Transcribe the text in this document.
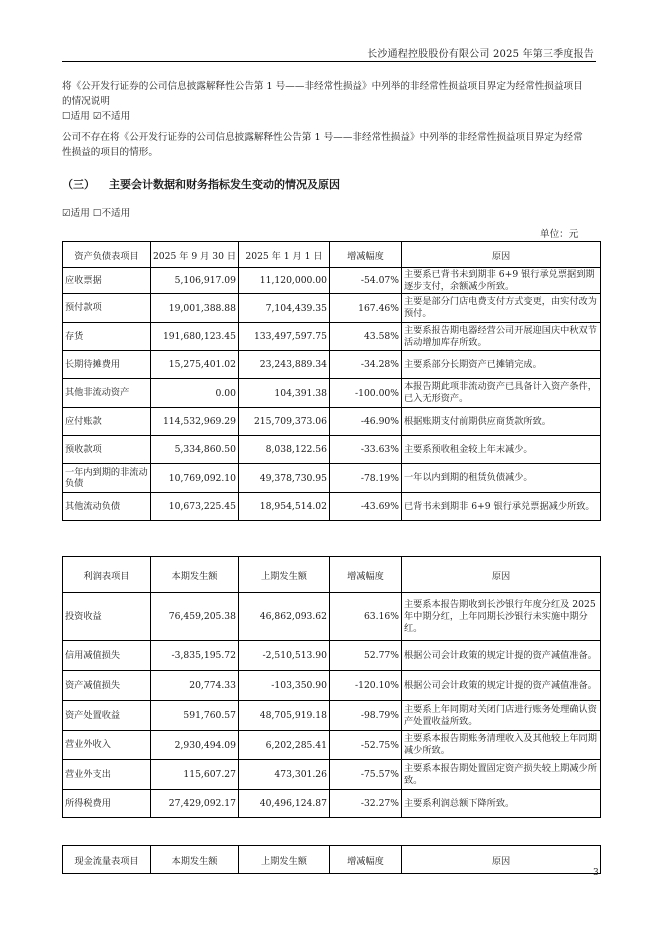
长沙通程控股股份有限公司 2025 年第三季度报告
将《公开发行证券的公司信息披露解释性公告第 1 号——非经常性损益》中列举的非经常性损益项目界定为经常性损益项目的情况说明
☐适用 ☑不适用
公司不存在将《公开发行证券的公司信息披露解释性公告第 1 号——非经常性损益》中列举的非经常性损益项目界定为经常性损益的项目的情形。
（三） 主要会计数据和财务指标发生变动的情况及原因
☑适用 ☐不适用
单位：元
资产负债表项目	2025 年 9 月 30 日	2025 年 1 月 1 日	增减幅度	原因
应收票据	5,106,917.09	11,120,000.00	-54.07%	主要系已背书未到期非 6+9 银行承兑票据到期逐步支付，余额减少所致。
预付款项	19,001,388.88	7,104,439.35	167.46%	主要是部分门店电费支付方式变更，由实付改为预付。
存货	191,680,123.45	133,497,597.75	43.58%	主要系报告期电器经营公司开展迎国庆中秋双节活动增加库存所致。
长期待摊费用	15,275,401.02	23,243,889.34	-34.28%	主要系部分长期资产已摊销完成。
其他非流动资产	0.00	104,391.38	-100.00%	本报告期此项非流动资产已具备计入资产条件，已入无形资产。
应付账款	114,532,969.29	215,709,373.06	-46.90%	根据账期支付前期供应商货款所致。
预收款项	5,334,860.50	8,038,122.56	-33.63%	主要系预收租金较上年末减少。
一年内到期的非流动负债	10,769,092.10	49,378,730.95	-78.19%	一年以内到期的租赁负债减少。
其他流动负债	10,673,225.45	18,954,514.02	-43.69%	已背书未到期非 6+9 银行承兑票据减少所致。
利润表项目	本期发生额	上期发生额	增减幅度	原因
投资收益	76,459,205.38	46,862,093.62	63.16%	主要系本报告期收到长沙银行年度分红及 2025 年中期分红，上年同期长沙银行未实施中期分红。
信用减值损失	-3,835,195.72	-2,510,513.90	52.77%	根据公司会计政策的规定计提的资产减值准备。
资产减值损失	20,774.33	-103,350.90	-120.10%	根据公司会计政策的规定计提的资产减值准备。
资产处置收益	591,760.57	48,705,919.18	-98.79%	主要系上年同期对关闭门店进行账务处理确认资产处置收益所致。
营业外收入	2,930,494.09	6,202,285.41	-52.75%	主要系本报告期账务清理收入及其他较上年同期减少所致。
营业外支出	115,607.27	473,301.26	-75.57%	主要系本报告期处置固定资产损失较上期减少所致。
所得税费用	27,429,092.17	40,496,124.87	-32.27%	主要系利润总额下降所致。
现金流量表项目	本期发生额	上期发生额	增减幅度	原因
3
